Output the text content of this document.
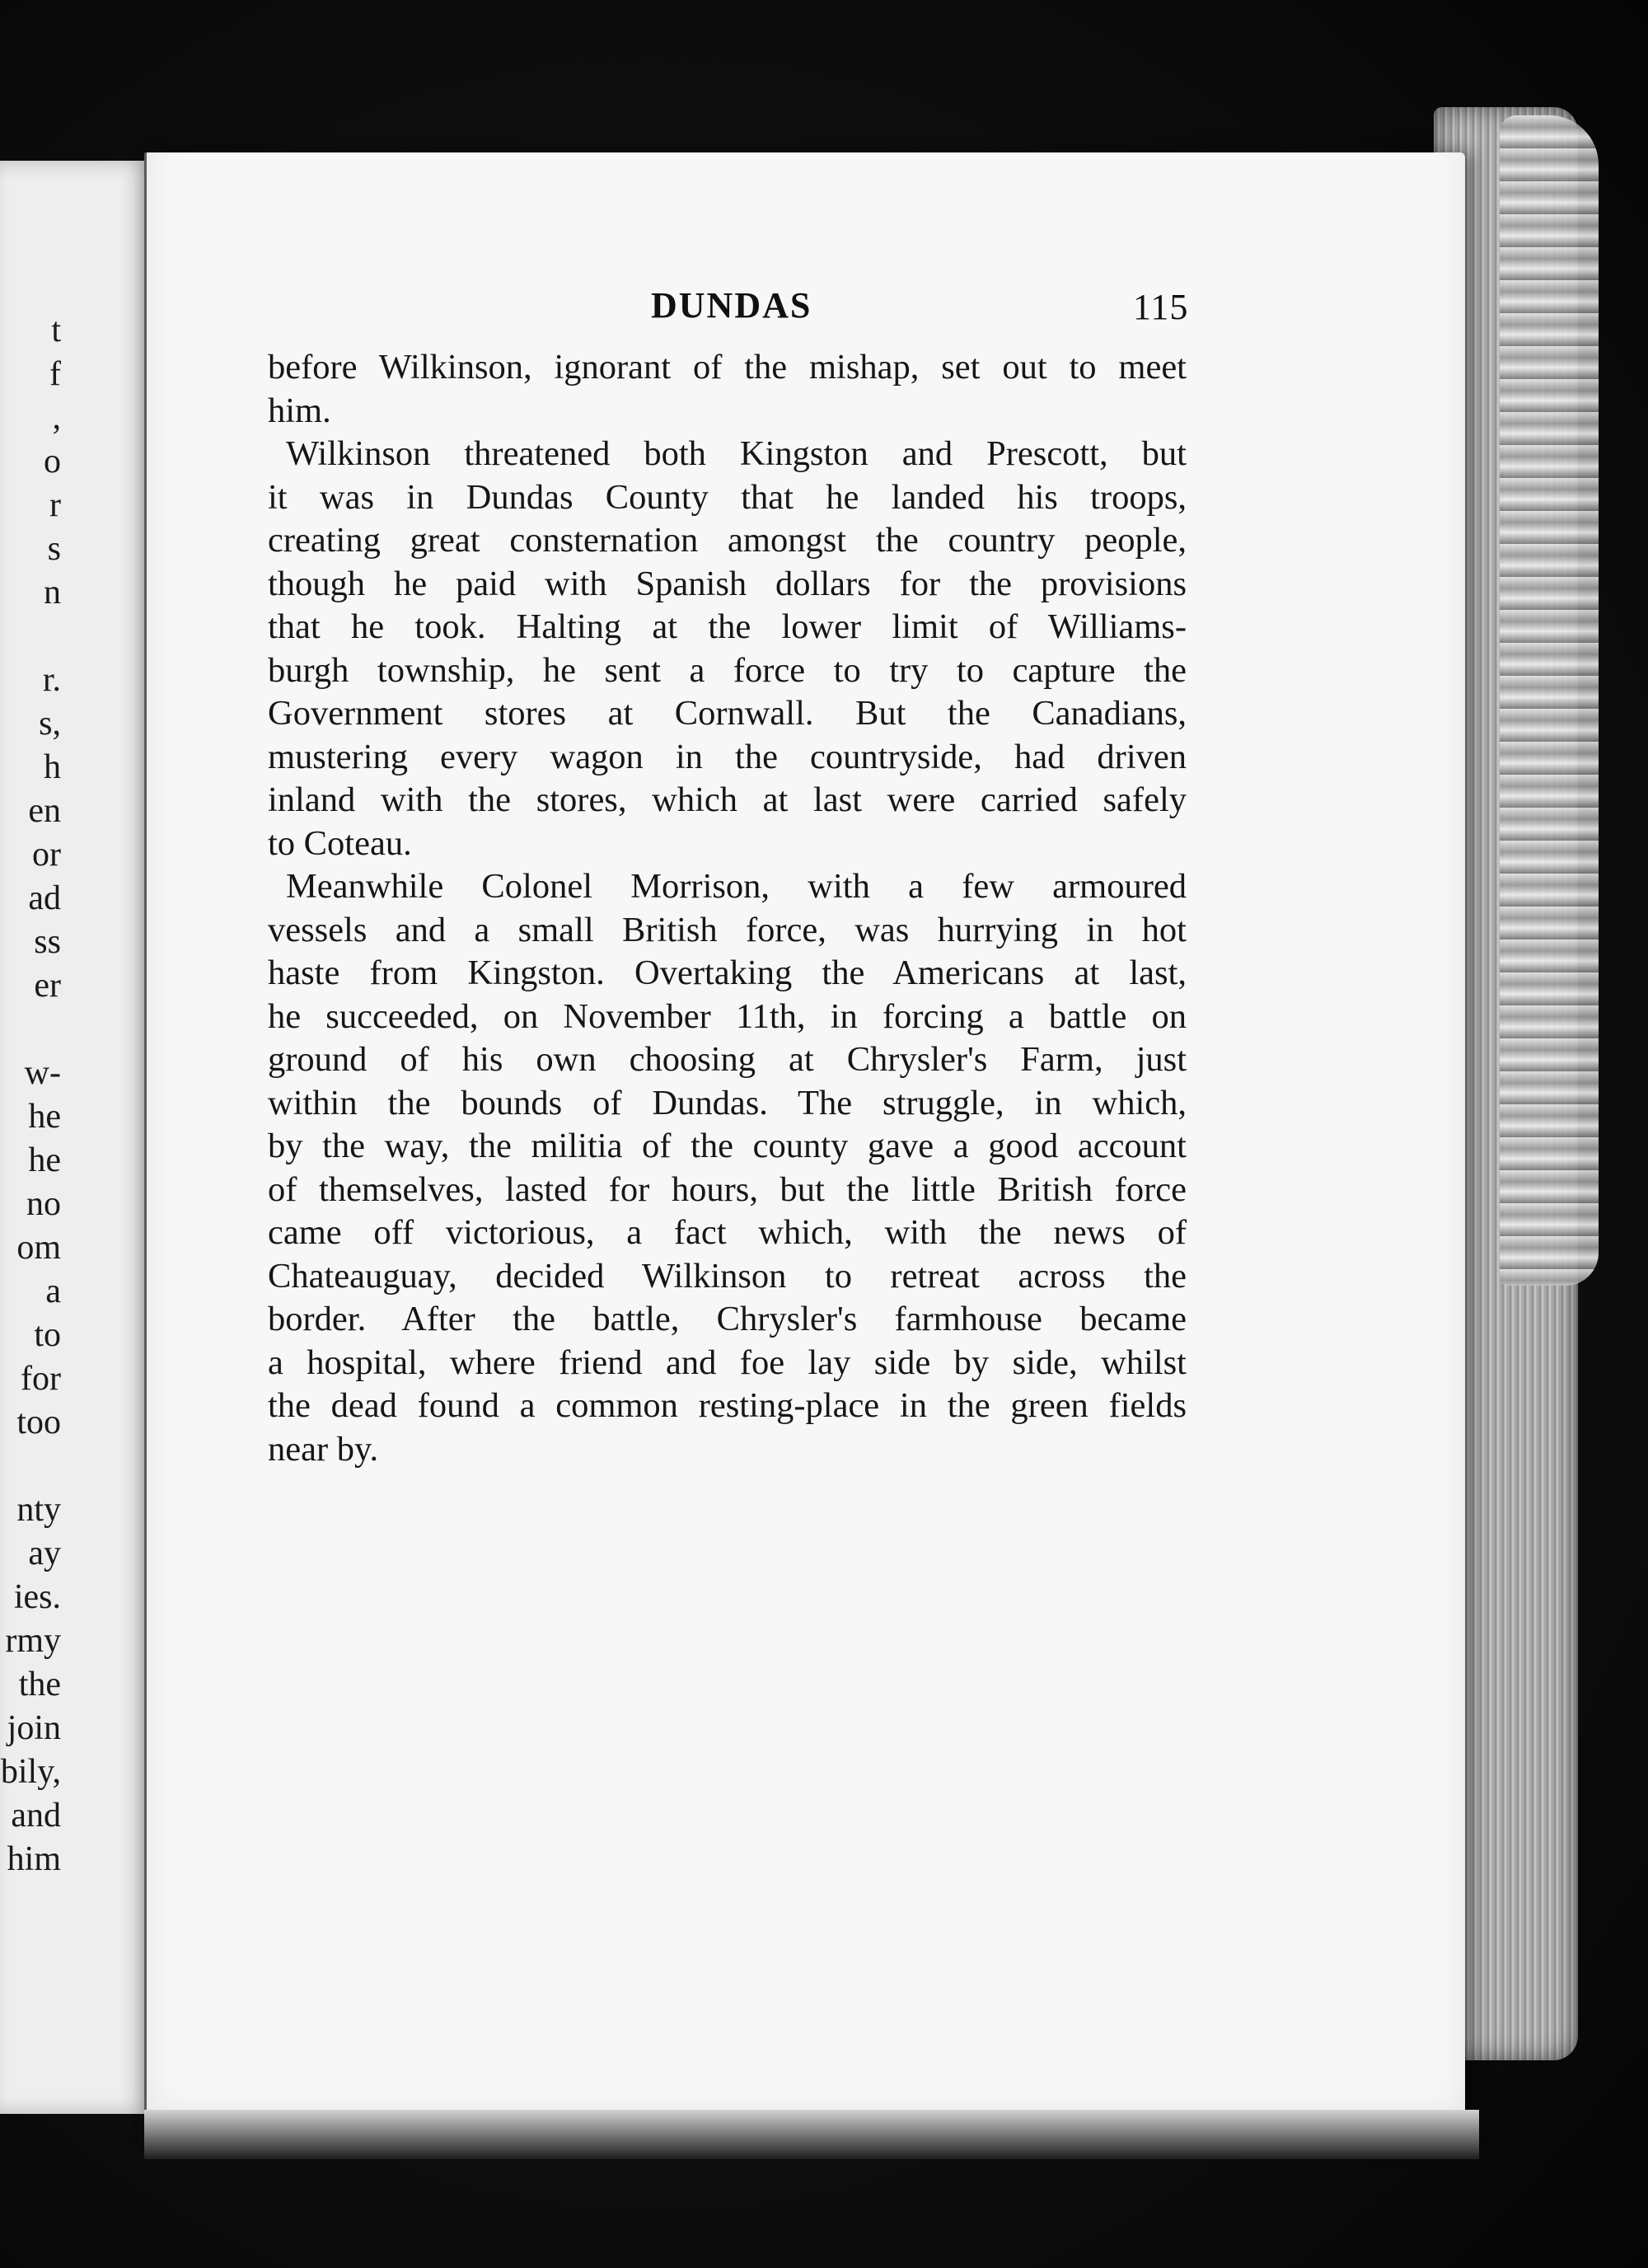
t
f
,
o
r
s
n
r.
s,
h
en
or
ad
ss
er
w-
he
he
no
om
a
to
for
too
nty
ay
ies.
rmy
the
join
bily,
and
him
DUNDAS	115
before Wilkinson, ignorant of the mishap, set out to meet
him.
Wilkinson threatened both Kingston and Prescott, but
it was in Dundas County that he landed his troops,
creating great consternation amongst the country people,
though he paid with Spanish dollars for the provisions
that he took. Halting at the lower limit of Williams-
burgh township, he sent a force to try to capture the
Government stores at Cornwall. But the Canadians,
mustering every wagon in the countryside, had driven
inland with the stores, which at last were carried safely
to Coteau.
Meanwhile Colonel Morrison, with a few armoured
vessels and a small British force, was hurrying in hot
haste from Kingston. Overtaking the Americans at last,
he succeeded, on November 11th, in forcing a battle on
ground of his own choosing at Chrysler's Farm, just
within the bounds of Dundas. The struggle, in which,
by the way, the militia of the county gave a good account
of themselves, lasted for hours, but the little British force
came off victorious, a fact which, with the news of
Chateauguay, decided Wilkinson to retreat across the
border. After the battle, Chrysler's farmhouse became
a hospital, where friend and foe lay side by side, whilst
the dead found a common resting-place in the green fields
near by.
